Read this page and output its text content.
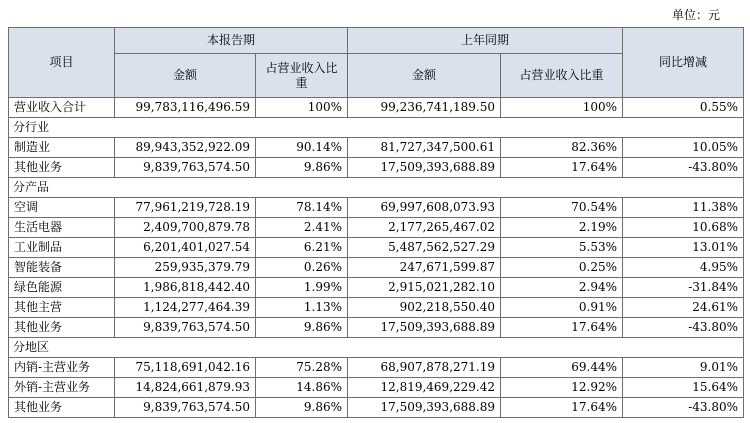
单位：元
项目	本报告期		上年同期		同比增减
	金额	占营业收入比重	金额	占营业收入比重	
营业收入合计	99,783,116,496.59	100%	99,236,741,189.50	100%	0.55%
分行业					
制造业	89,943,352,922.09	90.14%	81,727,347,500.61	82.36%	10.05%
其他业务	9,839,763,574.50	9.86%	17,509,393,688.89	17.64%	-43.80%
分产品					
空调	77,961,219,728.19	78.14%	69,997,608,073.93	70.54%	11.38%
生活电器	2,409,700,879.78	2.41%	2,177,265,467.02	2.19%	10.68%
工业制品	6,201,401,027.54	6.21%	5,487,562,527.29	5.53%	13.01%
智能装备	259,935,379.79	0.26%	247,671,599.87	0.25%	4.95%
绿色能源	1,986,818,442.40	1.99%	2,915,021,282.10	2.94%	-31.84%
其他主营	1,124,277,464.39	1.13%	902,218,550.40	0.91%	24.61%
其他业务	9,839,763,574.50	9.86%	17,509,393,688.89	17.64%	-43.80%
分地区					
内销-主营业务	75,118,691,042.16	75.28%	68,907,878,271.19	69.44%	9.01%
外销-主营业务	14,824,661,879.93	14.86%	12,819,469,229.42	12.92%	15.64%
其他业务	9,839,763,574.50	9.86%	17,509,393,688.89	17.64%	-43.80%
